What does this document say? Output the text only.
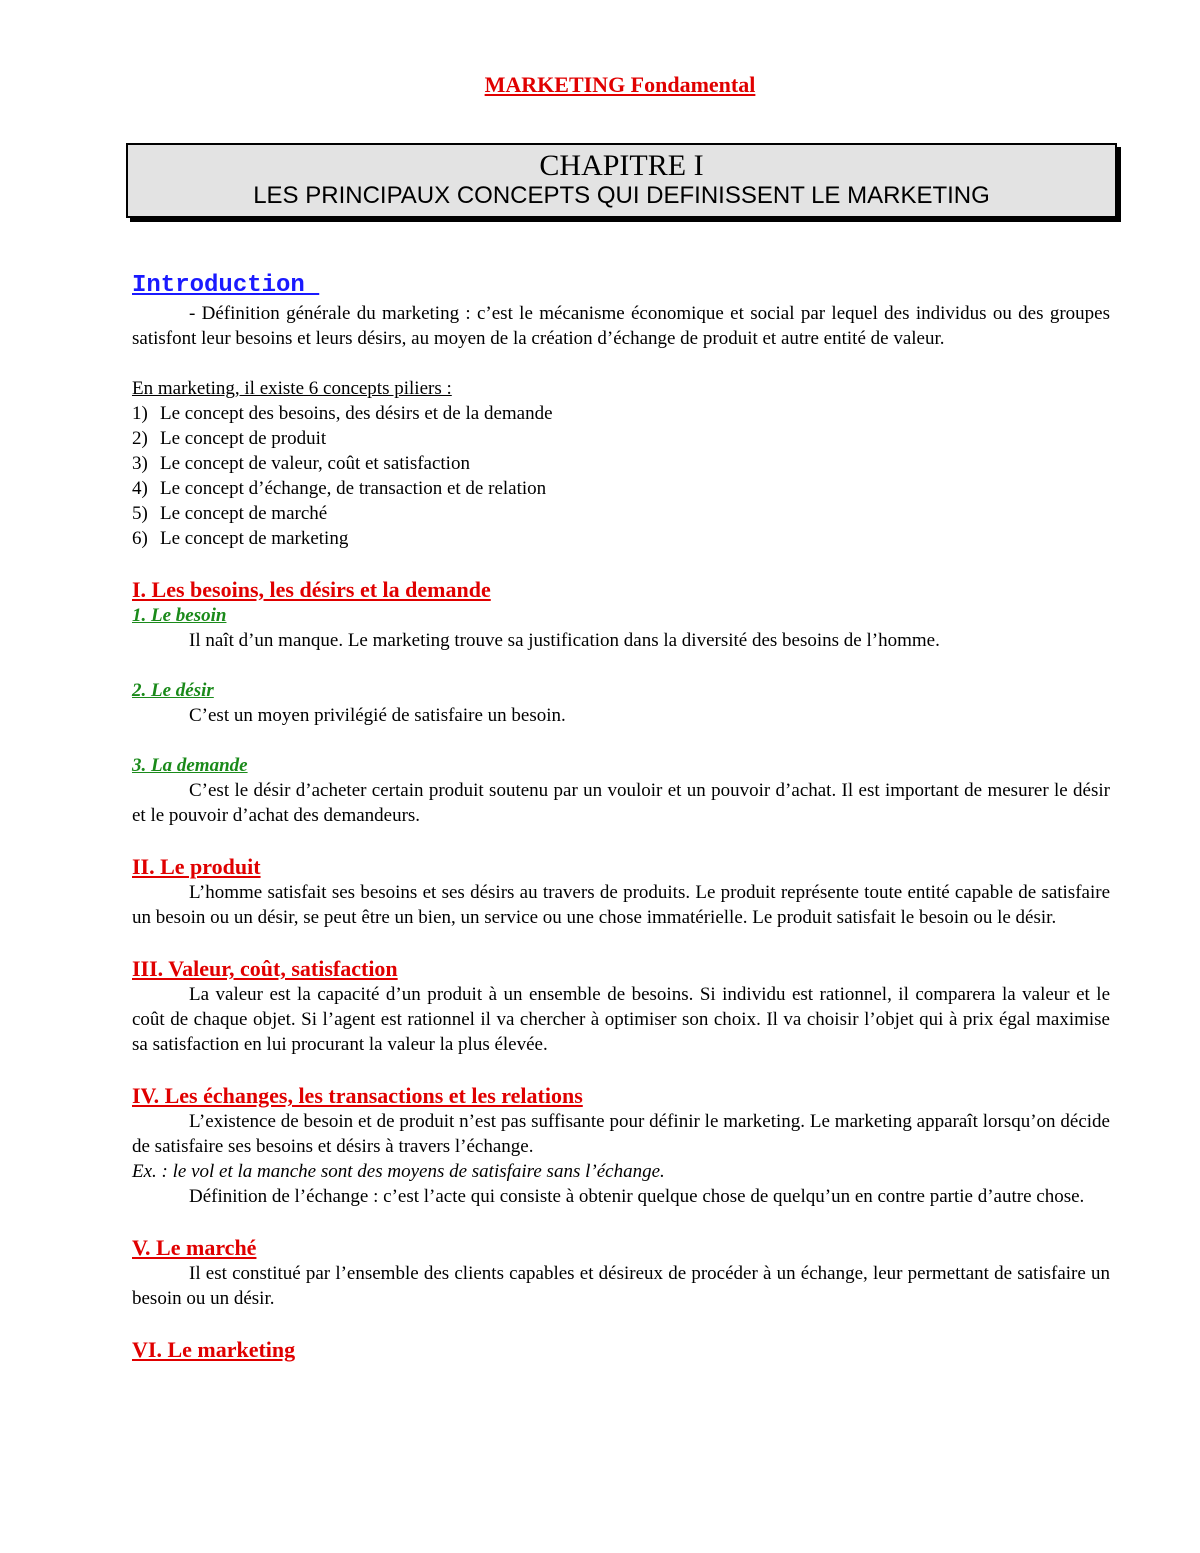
MARKETING Fondamental
CHAPITRE I
LES PRINCIPAUX CONCEPTS QUI DEFINISSENT LE MARKETING
Introduction

- Définition générale du marketing : c’est le mécanisme économique et social par lequel des individus ou des groupes satisfont leur besoins et leurs désirs, au moyen de la création d’échange de produit et autre entité de valeur.

En marketing, il existe 6 concepts piliers :

1) Le concept des besoins, des désirs et de la demande
2) Le concept de produit
3) Le concept de valeur, coût et satisfaction
4) Le concept d’échange, de transaction et de relation
5) Le concept de marché
6) Le concept de marketing

I. Les besoins, les désirs et la demande

1. Le besoin

Il naît d’un manque. Le marketing trouve sa justification dans la diversité des besoins de l’homme.

2. Le désir

C’est un moyen privilégié de satisfaire un besoin.

3. La demande

C’est le désir d’acheter certain produit soutenu par un vouloir et un pouvoir d’achat. Il est important de mesurer le désir et le pouvoir d’achat des demandeurs.

II. Le produit

L’homme satisfait ses besoins et ses désirs au travers de produits. Le produit représente toute entité capable de satisfaire un besoin ou un désir, se peut être un bien, un service ou une chose immatérielle. Le produit satisfait le besoin ou le désir.

III. Valeur, coût, satisfaction

La valeur est la capacité d’un produit à un ensemble de besoins. Si individu est rationnel, il comparera la valeur et le coût de chaque objet. Si l’agent est rationnel il va chercher à optimiser son choix. Il va choisir l’objet qui à prix égal maximise sa satisfaction en lui procurant la valeur la plus élevée.

IV. Les échanges, les transactions et les relations

L’existence de besoin et de produit n’est pas suffisante pour définir le marketing. Le marketing apparaît lorsqu’on décide de satisfaire ses besoins et désirs à travers l’échange.

Ex. : le vol et la manche sont des moyens de satisfaire sans l’échange.

Définition de l’échange : c’est l’acte qui consiste à obtenir quelque chose de quelqu’un en contre partie d’autre chose.

V. Le marché

Il est constitué par l’ensemble des clients capables et désireux de procéder à un échange, leur permettant de satisfaire un besoin ou un désir.

VI. Le marketing
